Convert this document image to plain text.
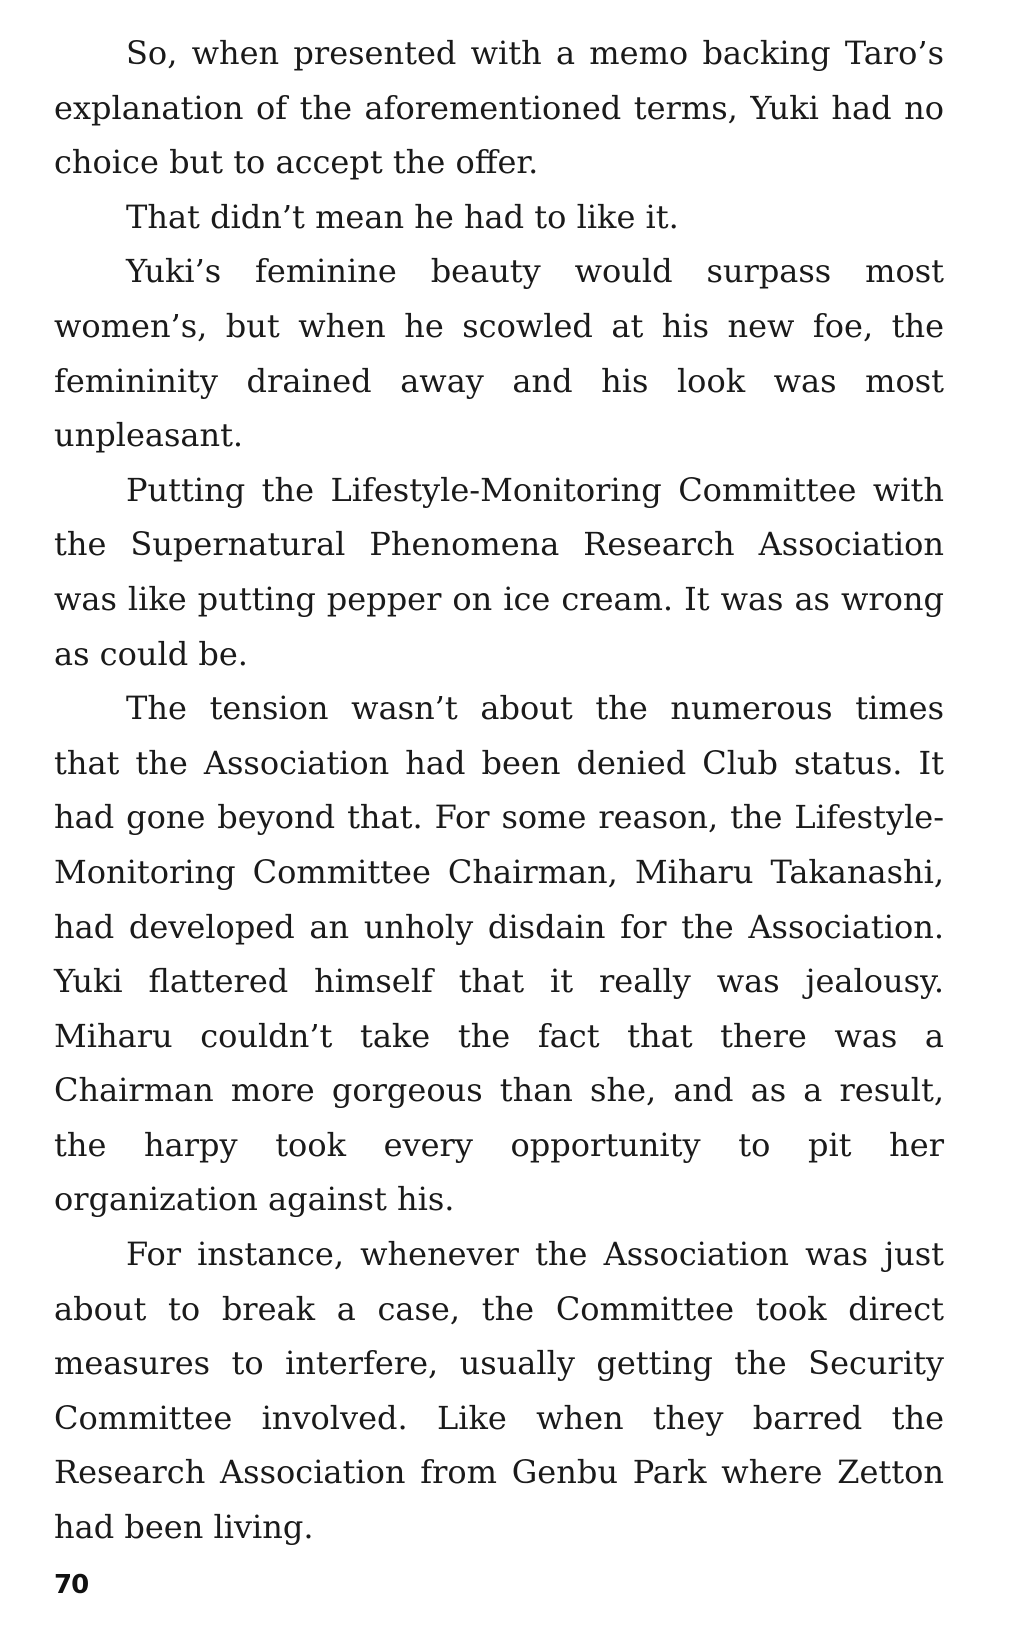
So, when presented with a memo backing Taro’s explanation of the aforementioned terms, Yuki had no choice but to accept the offer.

That didn’t mean he had to like it.

Yuki’s feminine beauty would surpass most women’s, but when he scowled at his new foe, the femininity drained away and his look was most unpleasant.

Putting the Lifestyle-Monitoring Committee with the Supernatural Phenomena Research Association was like putting pepper on ice cream. It was as wrong as could be.

The tension wasn’t about the numerous times that the Association had been denied Club status. It had gone beyond that. For some reason, the Lifestyle-Monitoring Committee Chairman, Miharu Takanashi, had developed an unholy disdain for the Association. Yuki flattered himself that it really was jealousy. Miharu couldn’t take the fact that there was a Chairman more gorgeous than she, and as a result, the harpy took every opportunity to pit her organization against his.

For instance, whenever the Association was just about to break a case, the Committee took direct measures to interfere, usually getting the Security Committee involved. Like when they barred the Research Association from Genbu Park where Zetton had been living.

70
